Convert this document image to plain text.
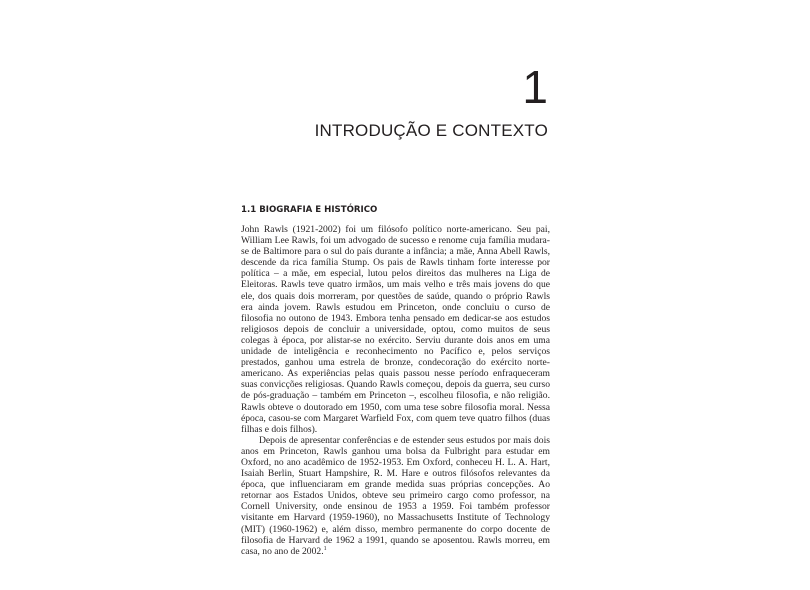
1
INTRODUÇÃO E CONTEXTO
1.1 BIOGRAFIA E HISTÓRICO

John Rawls (1921-2002) foi um filósofo político norte-americano. Seu pai, William Lee Rawls, foi um advogado de sucesso e renome cuja família mudara-se de Baltimore para o sul do país durante a infância; a mãe, Anna Abell Rawls, descende da rica família Stump. Os pais de Rawls tinham forte interesse por política – a mãe, em especial, lutou pelos direitos das mulheres na Liga de Eleitoras. Rawls teve quatro irmãos, um mais velho e três mais jovens do que ele, dos quais dois morreram, por questões de saúde, quando o próprio Rawls era ainda jovem. Rawls estudou em Princeton, onde concluiu o curso de filosofia no outono de 1943. Embora tenha pensado em dedicar-se aos estudos religiosos depois de concluir a universidade, optou, como muitos de seus colegas à época, por alistar-se no exército. Serviu durante dois anos em uma unidade de inteligência e reconhecimento no Pacífico e, pelos serviços prestados, ganhou uma estrela de bronze, condecoração do exército norte-americano. As experiências pelas quais passou nesse período enfraqueceram suas convicções religiosas. Quando Rawls começou, depois da guerra, seu curso de pós-graduação – também em Princeton –, escolheu filosofia, e não religião. Rawls obteve o doutorado em 1950, com uma tese sobre filosofia moral. Nessa época, casou-se com Margaret Warfield Fox, com quem teve quatro filhos (duas filhas e dois filhos).

Depois de apresentar conferências e de estender seus estudos por mais dois anos em Princeton, Rawls ganhou uma bolsa da Fulbright para estudar em Oxford, no ano acadêmico de 1952-1953. Em Oxford, conheceu H. L. A. Hart, Isaiah Berlin, Stuart Hampshire, R. M. Hare e outros filósofos relevantes da época, que influenciaram em grande medida suas próprias concepções. Ao retornar aos Estados Unidos, obteve seu primeiro cargo como professor, na Cornell University, onde ensinou de 1953 a 1959. Foi também professor visitante em Harvard (1959-1960), no Massachusetts Institute of Technology (MIT) (1960-1962) e, além disso, membro permanente do corpo docente de filosofia de Harvard de 1962 a 1991, quando se aposentou. Rawls morreu, em casa, no ano de 2002.$^1$
